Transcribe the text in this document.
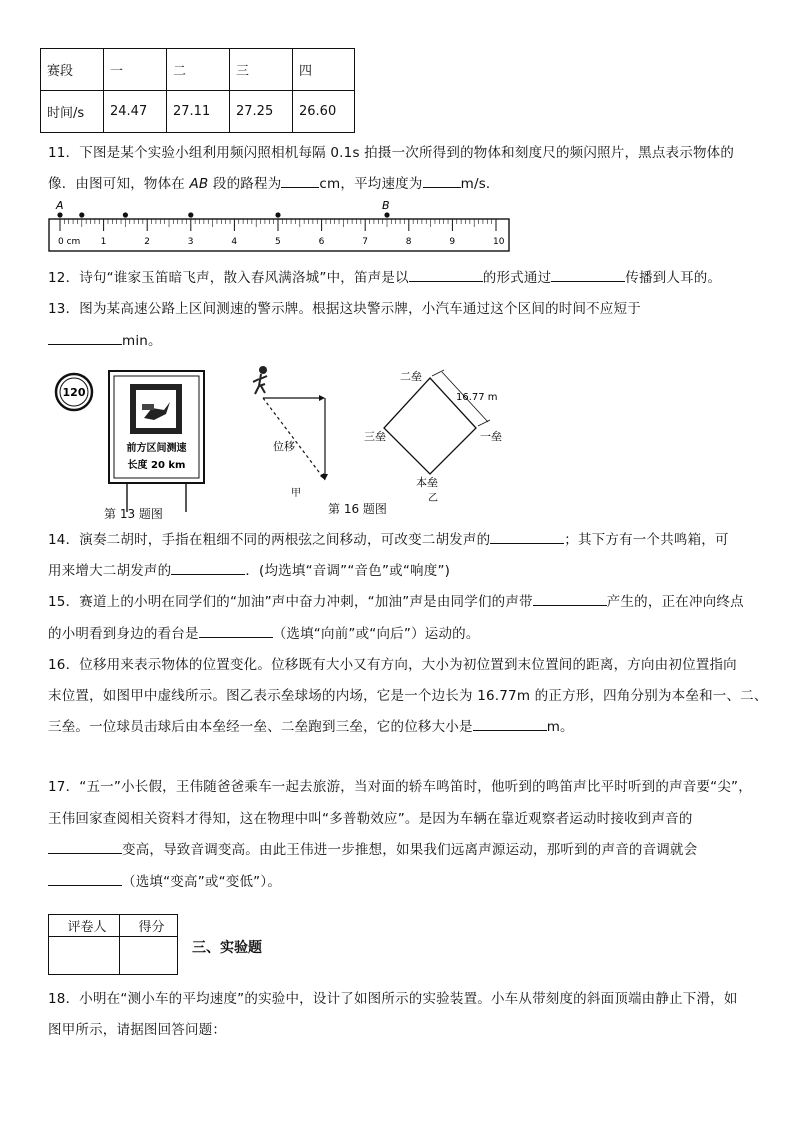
赛段	一	二	三	四
时间/s	24.47	27.11	27.25	26.60
11．下图是某个实验小组利用频闪照相机每隔 0.1s 拍摄一次所得到的物体和刻度尺的频闪照片，黑点表示物体的
像．由图可知，物体在 AB 段的路程为	cm，平均速度为	m/s．
A	B
0 cm 1	2	3	4	5	6	7	8	9	10
12．诗句“谁家玉笛暗飞声，散入春风满洛城”中，笛声是以	的形式通过	传播到人耳的。
13．图为某高速公路上区间测速的警示牌。根据这块警示牌，小汽车通过这个区间的时间不应短于
min。
120
前方区间测速
长度 20 km
第 13 题图
位移
甲
第 16 题图
二垒
三垒	一垒
本垒
乙
16.77 m
14．演奏二胡时，手指在粗细不同的两根弦之间移动，可改变二胡发声的	；其下方有一个共鸣箱，可
用来增大二胡发声的	．(均选填“音调”“音色”或“响度”)
15．赛道上的小明在同学们的“加油”声中奋力冲刺，“加油”声是由同学们的声带	产生的，正在冲向终点
的小明看到身边的看台是	（选填“向前”或“向后”）运动的。
16．位移用来表示物体的位置变化。位移既有大小又有方向，大小为初位置到末位置间的距离，方向由初位置指向
末位置，如图甲中虚线所示。图乙表示垒球场的内场，它是一个边长为 16.77m 的正方形，四角分别为本垒和一、二、
三垒。一位球员击球后由本垒经一垒、二垒跑到三垒，它的位移大小是	m。
17．“五一”小长假，王伟随爸爸乘车一起去旅游，当对面的轿车鸣笛时，他听到的鸣笛声比平时听到的声音要“尖”，
王伟回家查阅相关资料才得知，这在物理中叫“多普勒效应”。是因为车辆在靠近观察者运动时接收到声音的
变高，导致音调变高。由此王伟进一步推想，如果我们远离声源运动，那听到的声音的音调就会
（选填“变高”或“变低”）。
评卷人	得分

三、实验题
18．小明在“测小车的平均速度”的实验中，设计了如图所示的实验装置。小车从带刻度的斜面顶端由静止下滑，如
图甲所示，请据图回答问题：
